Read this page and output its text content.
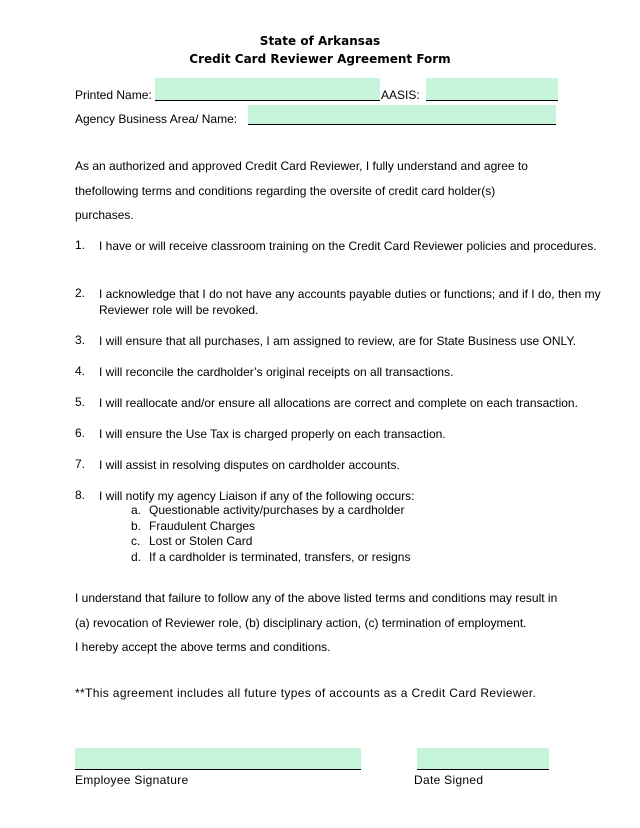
State of Arkansas
Credit Card Reviewer Agreement Form
Printed Name:	AASIS:
Agency Business Area/ Name:
As an authorized and approved Credit Card Reviewer, I fully understand and agree to
thefollowing terms and conditions regarding the oversite of credit card holder(s)
purchases.
1.	I have or will receive classroom training on the Credit Card Reviewer policies and procedures.
2.	I acknowledge that I do not have any accounts payable duties or functions; and if I do, then my Reviewer role will be revoked.
3.	I will ensure that all purchases, I am assigned to review, are for State Business use ONLY.
4.	I will reconcile the cardholder’s original receipts on all transactions.
5.	I will reallocate and/or ensure all allocations are correct and complete on each transaction.
6.	I will ensure the Use Tax is charged properly on each transaction.
7.	I will assist in resolving disputes on cardholder accounts.
8.	I will notify my agency Liaison if any of the following occurs:
a. Questionable activity/purchases by a cardholder
b. Fraudulent Charges
c. Lost or Stolen Card
d. If a cardholder is terminated, transfers, or resigns
I understand that failure to follow any of the above listed terms and conditions may result in
(a) revocation of Reviewer role, (b) disciplinary action, (c) termination of employment.
I hereby accept the above terms and conditions.
**This agreement includes all future types of accounts as a Credit Card Reviewer.
Employee Signature	Date Signed
